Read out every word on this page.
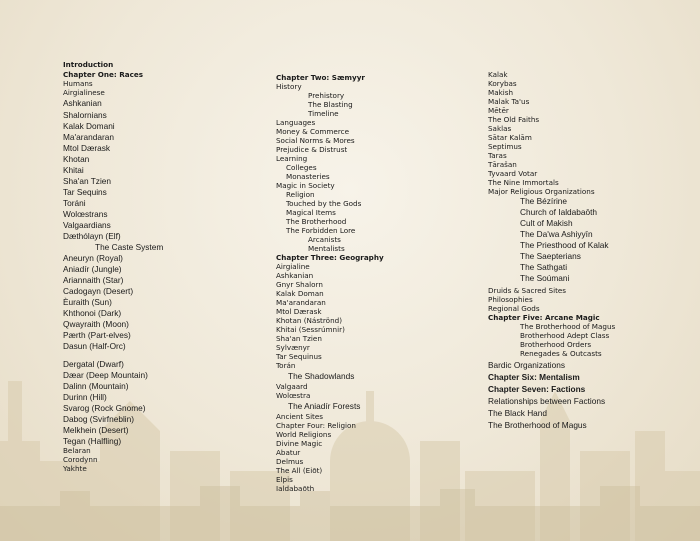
Introduction
Chapter One: Races
Humans
Airgialinese
Ashkanian
Shalornians
Kalak Domani
Ma'arandaran
Mtol Dærask
Khotan
Khitai
Sha'an Tzien
Tar Sequins
Toráni
Wolœstrans
Valgaardians
Dæthólayn (Elf)
The Caste System
Aneuryn (Royal)
Aniadír (Jungle)
Ariannaith (Star)
Cadogayn (Desert)
Èuraith (Sun)
Khthonoi (Dark)
Qwayraith (Moon)
Pærth (Part-elves)
Dasun (Half-Orc)
Dergatal (Dwarf)
Dæar (Deep Mountain)
Dalinn (Mountain)
Durinn (Hill)
Svarog (Rock Gnome)
Dabog (Svirfneblin)
Melkhein (Desert)
Tegan (Halfling)
Belaran
Corodynn
Yakhte
Chapter Two: Sæmyyr
History
Prehistory
The Blasting
Timeline
Languages
Money & Commerce
Social Norms & Mores
Prejudice & Distrust
Learning
Colleges
Monasteries
Magic in Society
Religion
Touched by the Gods
Magical Items
The Brotherhood
The Forbidden Lore
Arcanists
Mentalists
Chapter Three: Geography
Airgialine
Ashkanian
Gnyr Shalorn
Kalak Doman
Ma'arandaran
Mtol Dærask
Khotan (Náströnd)
Khitai (Sessrúmnir)
Sha'an Tzien
Sylvænyr
Tar Sequinus
Torán
The Shadowlands
Valgaard
Wolœstra
The Aniadír Forests
Ancient Sites
Chapter Four: Religion
World Religions
Divine Magic
Abatur
Delmus
The All (Eiōt)
Elpis
Ialdabaōth
Kalak
Korybas
Makish
Malak Ta'us
Mētēr
The Old Faiths
Saklas
Sātar Kalām
Septimus
Taras
Tārašan
Tyvaard Votar
The Nine Immortals
Major Religious Organizations
The Bézírine
Church of Ialdabaōth
Cult of Makish
The Da'wa Ashiyyīn
The Priesthood of Kalak
The Saepterians
The Sathgati
The Soúmani
Druids & Sacred Sites
Philosophies
Regional Gods
Chapter Five: Arcane Magic
The Brotherhood of Magus
Brotherhood Adept Class
Brotherhood Orders
Renegades & Outcasts
Bardic Organizations
Chapter Six: Mentalism
Chapter Seven: Factions
Relationships between Factions
The Black Hand
The Brotherhood of Magus
